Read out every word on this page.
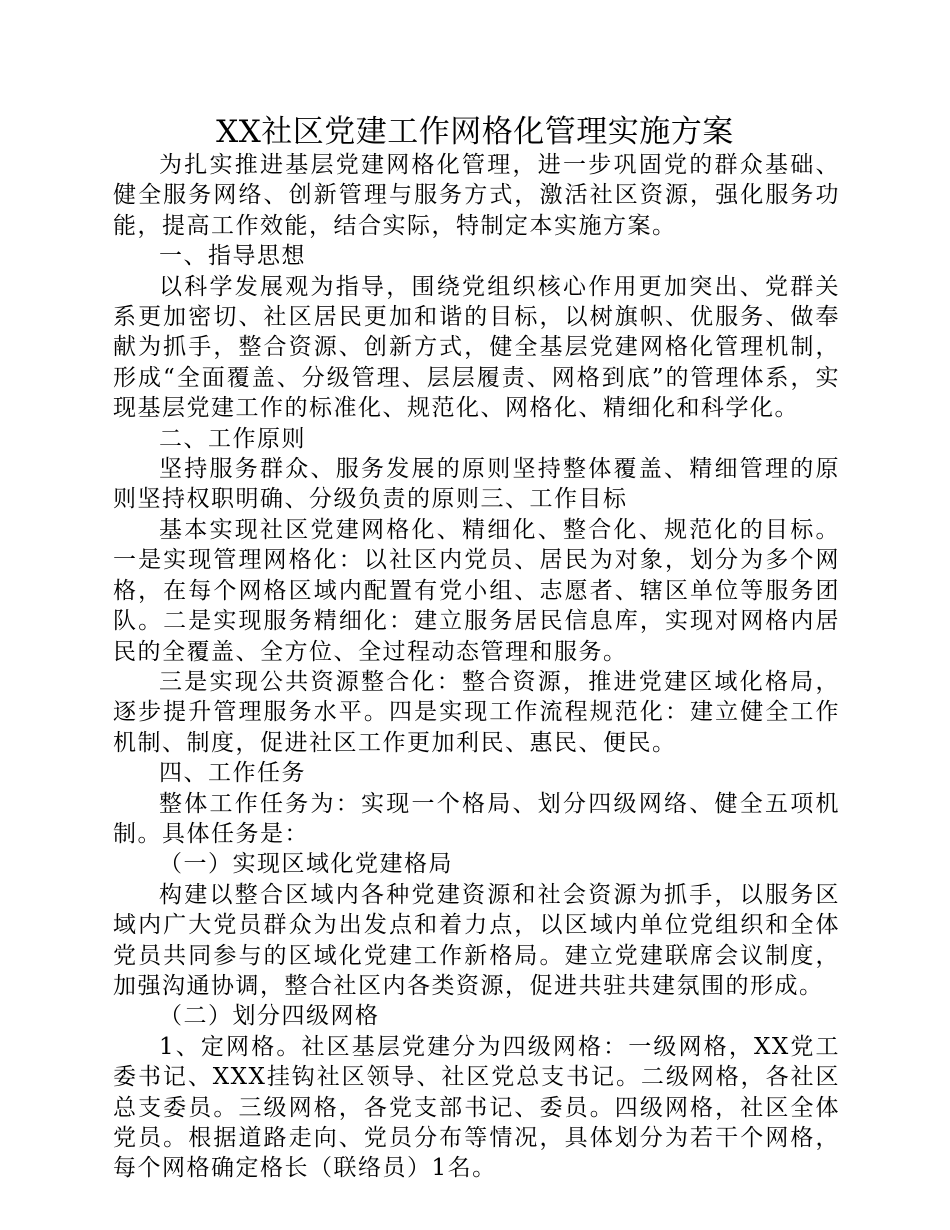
XX社区党建工作网格化管理实施方案

为扎实推进基层党建网格化管理，进一步巩固党的群众基础、健全服务网络、创新管理与服务方式，激活社区资源，强化服务功能，提高工作效能，结合实际，特制定本实施方案。

一、指导思想

以科学发展观为指导，围绕党组织核心作用更加突出、党群关系更加密切、社区居民更加和谐的目标，以树旗帜、优服务、做奉献为抓手，整合资源、创新方式，健全基层党建网格化管理机制，形成“全面覆盖、分级管理、层层履责、网格到底”的管理体系，实现基层党建工作的标准化、规范化、网格化、精细化和科学化。

二、工作原则

坚持服务群众、服务发展的原则坚持整体覆盖、精细管理的原则坚持权职明确、分级负责的原则三、工作目标

基本实现社区党建网格化、精细化、整合化、规范化的目标。一是实现管理网格化：以社区内党员、居民为对象，划分为多个网格，在每个网格区域内配置有党小组、志愿者、辖区单位等服务团队。二是实现服务精细化：建立服务居民信息库，实现对网格内居民的全覆盖、全方位、全过程动态管理和服务。

三是实现公共资源整合化：整合资源，推进党建区域化格局，逐步提升管理服务水平。四是实现工作流程规范化：建立健全工作机制、制度，促进社区工作更加利民、惠民、便民。

四、工作任务

整体工作任务为：实现一个格局、划分四级网络、健全五项机制。具体任务是：

（一）实现区域化党建格局

构建以整合区域内各种党建资源和社会资源为抓手，以服务区域内广大党员群众为出发点和着力点，以区域内单位党组织和全体党员共同参与的区域化党建工作新格局。建立党建联席会议制度，加强沟通协调，整合社区内各类资源，促进共驻共建氛围的形成。

（二）划分四级网格

1、定网格。社区基层党建分为四级网格：一级网格，XX党工委书记、XXX挂钩社区领导、社区党总支书记。二级网格，各社区总支委员。三级网格，各党支部书记、委员。四级网格，社区全体党员。根据道路走向、党员分布等情况，具体划分为若干个网格，每个网格确定格长（联络员）1名。
